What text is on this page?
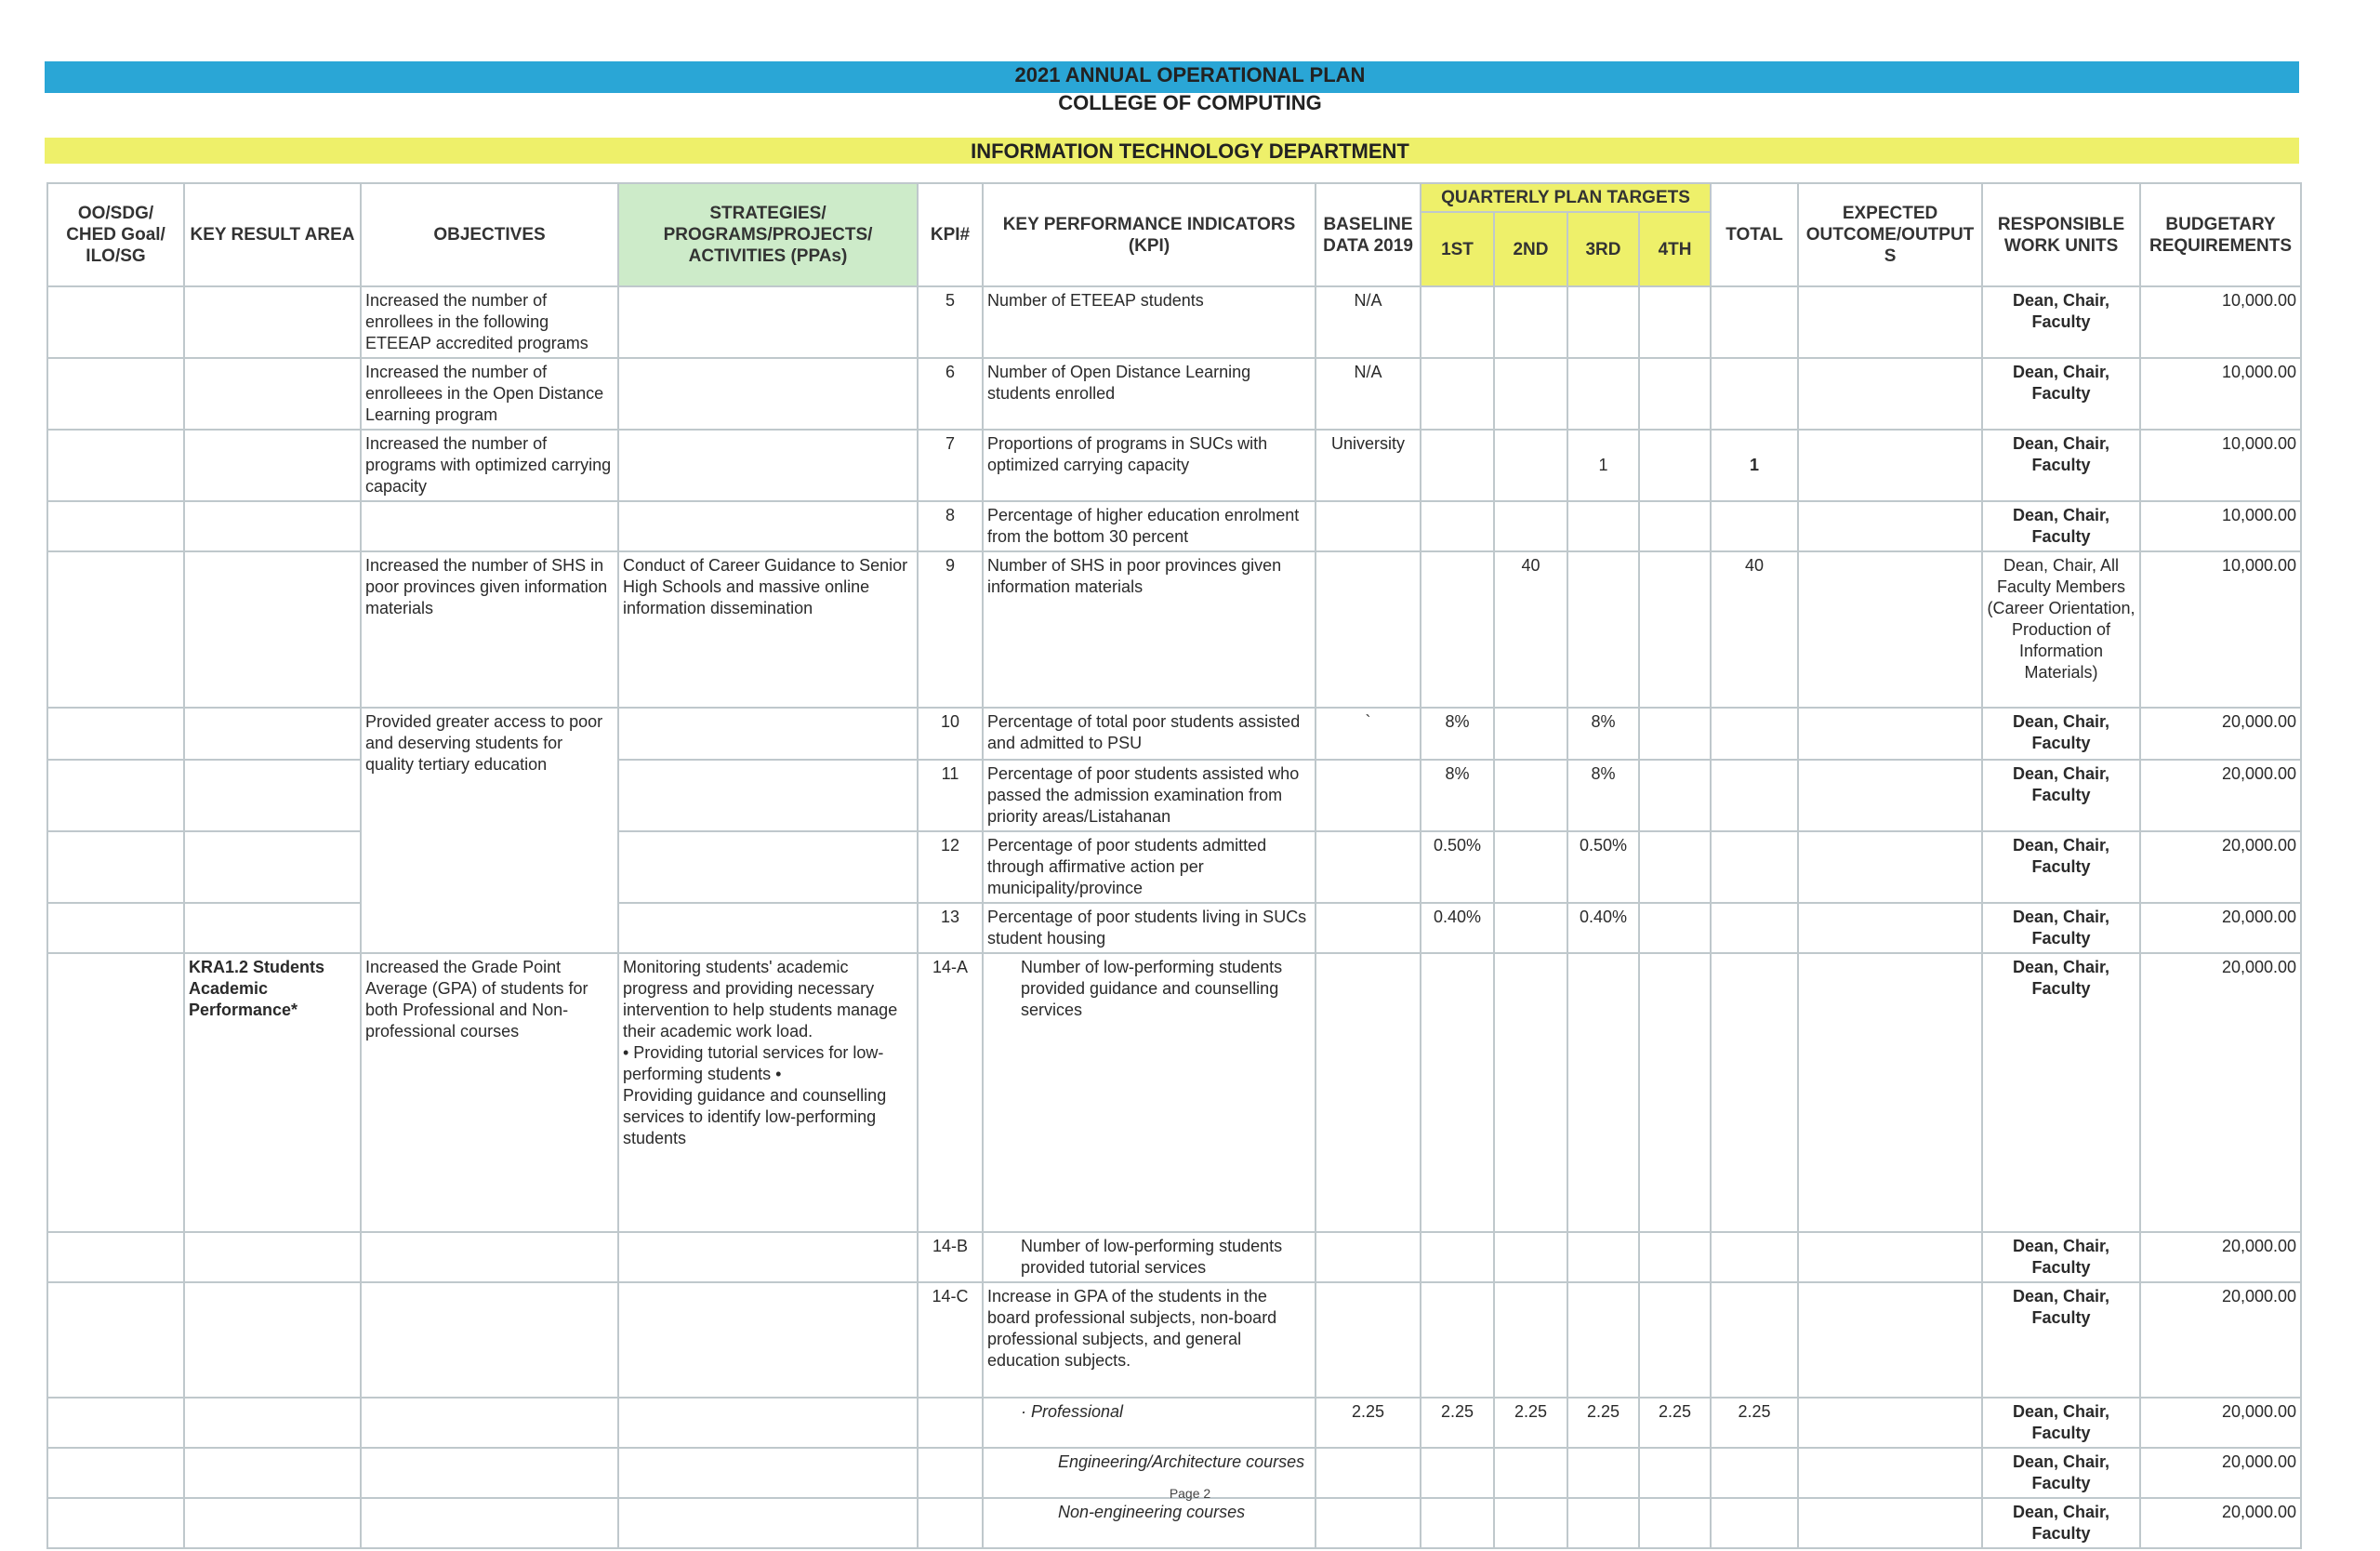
2021 ANNUAL OPERATIONAL PLAN
COLLEGE OF COMPUTING
INFORMATION TECHNOLOGY DEPARTMENT
OO/SDG/ CHED Goal/ ILO/SG	KEY RESULT AREA	OBJECTIVES	STRATEGIES/ PROGRAMS/PROJECTS/ ACTIVITIES (PPAs)	KPI#	KEY PERFORMANCE INDICATORS (KPI)	BASELINE DATA 2019	QUARTERLY PLAN TARGETS				TOTAL	EXPECTED OUTCOME/OUTPUT S	RESPONSIBLE WORK UNITS	BUDGETARY REQUIREMENTS
							1ST	2ND	3RD	4TH				
		Increased the number of enrollees in the following ETEEAP accredited programs		5	Number of ETEEAP students	N/A							Dean, Chair, Faculty	10,000.00
		Increased the number of enrolleees in the Open Distance Learning program		6	Number of Open Distance Learning students enrolled	N/A							Dean, Chair, Faculty	10,000.00
		Increased the number of programs with optimized carrying capacity		7	Proportions of programs in SUCs with optimized carrying capacity	University			1		1		Dean, Chair, Faculty	10,000.00
				8	Percentage of higher education enrolment from the bottom 30 percent								Dean, Chair, Faculty	10,000.00
		Increased the number of SHS in poor provinces given information materials	Conduct of Career Guidance to Senior High Schools and massive online information dissemination	9	Number of SHS in poor provinces given information materials			40			40		Dean, Chair, All Faculty Members (Career Orientation, Production of Information Materials)	10,000.00
		Provided greater access to poor and deserving students for quality tertiary education		10	Percentage of total poor students assisted and admitted to PSU	`	8%		8%				Dean, Chair, Faculty	20,000.00
				11	Percentage of poor students assisted who passed the admission examination from priority areas/Listahanan		8%		8%				Dean, Chair, Faculty	20,000.00
				12	Percentage of poor students admitted through affirmative action per municipality/province		0.50%		0.50%				Dean, Chair, Faculty	20,000.00
				13	Percentage of poor students living in SUCs student housing		0.40%		0.40%				Dean, Chair, Faculty	20,000.00
	KRA1.2 Students Academic Performance*	Increased the Grade Point Average (GPA) of students for both Professional and Non-professional courses	Monitoring students' academic progress and providing necessary intervention to help students manage their academic work load.
• Providing tutorial services for low-performing students •
Providing guidance and counselling services to identify low-performing students	14-A	Number of low-performing students provided guidance and counselling services								Dean, Chair, Faculty	20,000.00
				14-B	Number of low-performing students provided tutorial services								Dean, Chair, Faculty	20,000.00
				14-C	Increase in GPA of the students in the board professional subjects, non-board professional subjects, and general education subjects.								Dean, Chair, Faculty	20,000.00
					· Professional	2.25	2.25	2.25	2.25	2.25	2.25		Dean, Chair, Faculty	20,000.00
					Engineering/Architecture courses								Dean, Chair, Faculty	20,000.00
					Non-engineering courses								Dean, Chair, Faculty	20,000.00
Page 2
